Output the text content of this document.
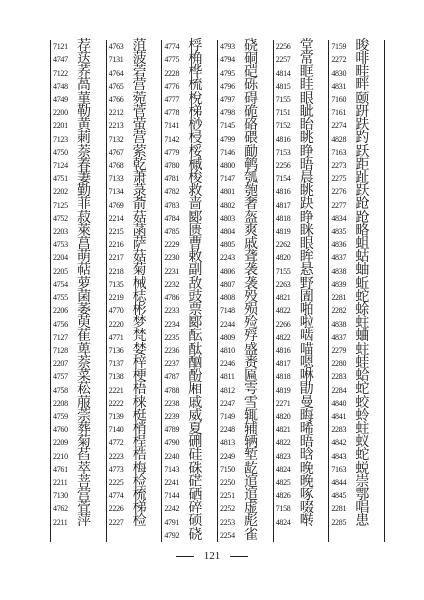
7121 荐
4747 荙
7122 荞
4748 萵
4749 菫
2200 勒
2201 黄
7123 莿
4750 萘
7124 萶
4751 萋
2202 勤
7125 菲
4752 菽
2203 萊
4753 菖
2204 萌
2205 萜
4754 萝
4755 菌
2206 萎
4756 萸
7127 萑
7128 萆
2207 萘
4757 菜
4758 菘
2208 菔
4759 萗
4760 葬
2209 菊
2210 萏
4761 萃
2211 菩
7130 营
4762 萓
2211 萍
4763 菹
7131 菠
4764 菪
4765 营
4766 菀
2212 菅
2213 萤
7132 营
4767 萦
4768 乾
7133 萧
7134 菉
4769 萮
2214 菇
2215 菡
2216 萨
2217 菇
2218 菊
7135 械
2219 梽
4770 彬
2220 梦
4771 梵
7136 婪
7137 梓
7138 梗
2221 梧
2222 梾
7139 梃
7140 梢
4772 桯
2223 梏
4773 梅
2225 检
4774 梳
2226 梯
2227 检
4774 桴
4775 桷
2228 桦
4776 梳
4777 梲
4778 梯
7141 桫
7142 梫
4779 桵
4780 槭
4781 梭
4782 救
4783 啬
4784 郾
4785 匮
2229 曹
2230 敕
2231 副
2232 敌
4786 豉
2233 票
2234 郾
2235 酝
2236 酞
2237 酗
4787 酚
4788 厢
2238 戚
2239 威
4789 夏
4790 硎
2240 硅
7143 硃
2241 硭
7144 硒
2242 碎
4791 硕
4792 硗
4793 硗
4794 硐
4795 硙
4796 砾
4797 碍
4798 硊
7145 硌
4799 碨
7146 勔
4800 鹌
7147 瓠
4801 匏
4802 奢
4803 盔
4804 爽
4805 戚
2243 聋
4806 袭
4807 袭
4808 殁
7148 殒
2244 殓
4809 殍
4810 盛
2246 赉
4811 匾
4812 雩
2247 雪
7149 辄
2248 辅
4813 辆
2249 堑
7150 龁
2250 逭
2251 逭
2252 虚
2253 彪
2254 雀
2256 堂
2257 常
4814 眶
4815 眭
7155 眼
7151 眦
7152 眙
4816 眺
7153 睁
2256 晤
7154 晨
4816 眺
4817 趹
4818 睁
4819 眯
2262 眼
4820 眸
7155 悬
2263 野
4821 圊
4822 啪
2266 啦
4822 啮
4816 喵
4817 嗯
4818 啉
4819 勖
2271 曼
4820 晦
4821 晞
4822 晤
4823 晗
4824 晚
4825 晚
4826 啄
7158 啜
4824 啭
7159 晙
2272 啡
4830 畦
4831 畔
7160 颐
7161 趼
2274 趺
4828 趵
7163 跃
2273 距
2275 趾
2276 跃
2277 跄
4834 跄
4835 略
4836 蛆
4837 蛄
4838 蚰
4839 蚯
2281 蛇
2282 蜍
4838 蛀
4837 蛐
2279 蛀
2280 蛙
2283 蛤
2284 蛇
4840 蛟
4841 蛉
2283 蛀
4842 蚁
4843 蛇
7163 蜕
4844 崇
4845 鄂
2281 唱
2285 患
121
